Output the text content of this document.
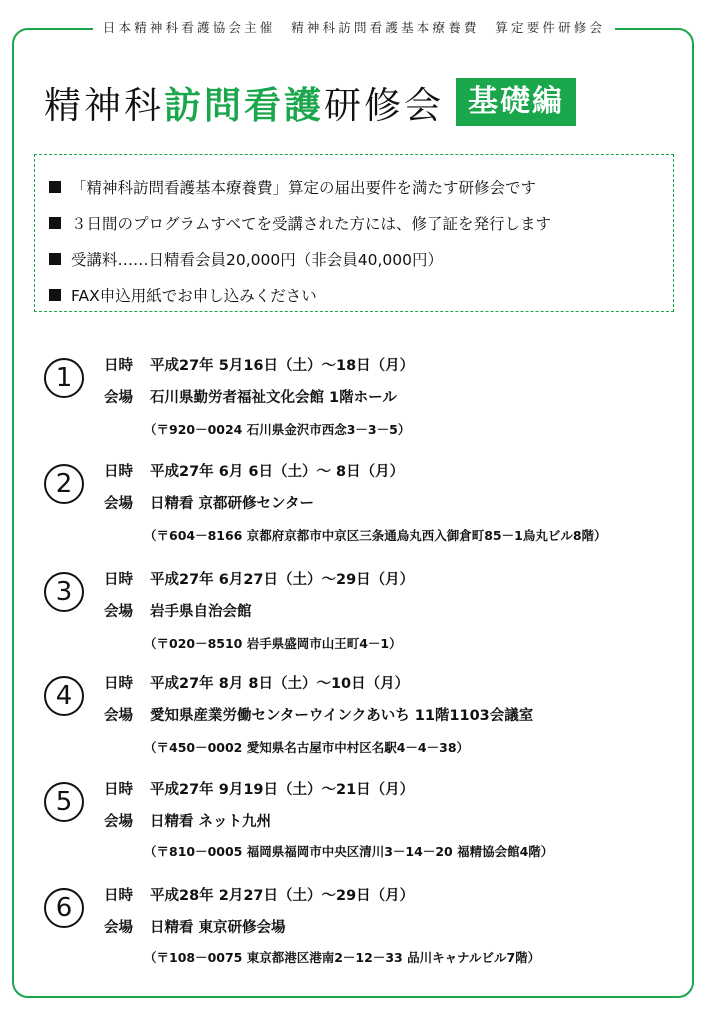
日本精神科看護協会主催　精神科訪問看護基本療養費　算定要件研修会
精神科 訪問看護 研修会 基礎編
「精神科訪問看護基本療養費」算定の届出要件を満たす研修会です
３日間のプログラムすべてを受講された方には、修了証を発行します
受講料……日精看会員20,000円（非会員40,000円）
FAX申込用紙でお申し込みください
1	日時	平成27年 5月16日（土）～18日（月）
会場	石川県勤労者福祉文化会館 1階ホール
（〒920－0024 石川県金沢市西念3－3－5）
2	日時	平成27年 6月 6日（土）～ 8日（月）
会場	日精看 京都研修センター
（〒604－8166 京都府京都市中京区三条通烏丸西入御倉町85－1烏丸ビル8階）
3	日時	平成27年 6月27日（土）～29日（月）
会場	岩手県自治会館
（〒020－8510 岩手県盛岡市山王町4－1）
4	日時	平成27年 8月 8日（土）～10日（月）
会場	愛知県産業労働センターウインクあいち 11階1103会議室
（〒450－0002 愛知県名古屋市中村区名駅4－4－38）
5	日時	平成27年 9月19日（土）～21日（月）
会場	日精看 ネット九州
（〒810－0005 福岡県福岡市中央区清川3－14－20 福精協会館4階）
6	日時	平成28年 2月27日（土）～29日（月）
会場	日精看 東京研修会場
（〒108－0075 東京都港区港南2－12－33 品川キャナルビル7階）
